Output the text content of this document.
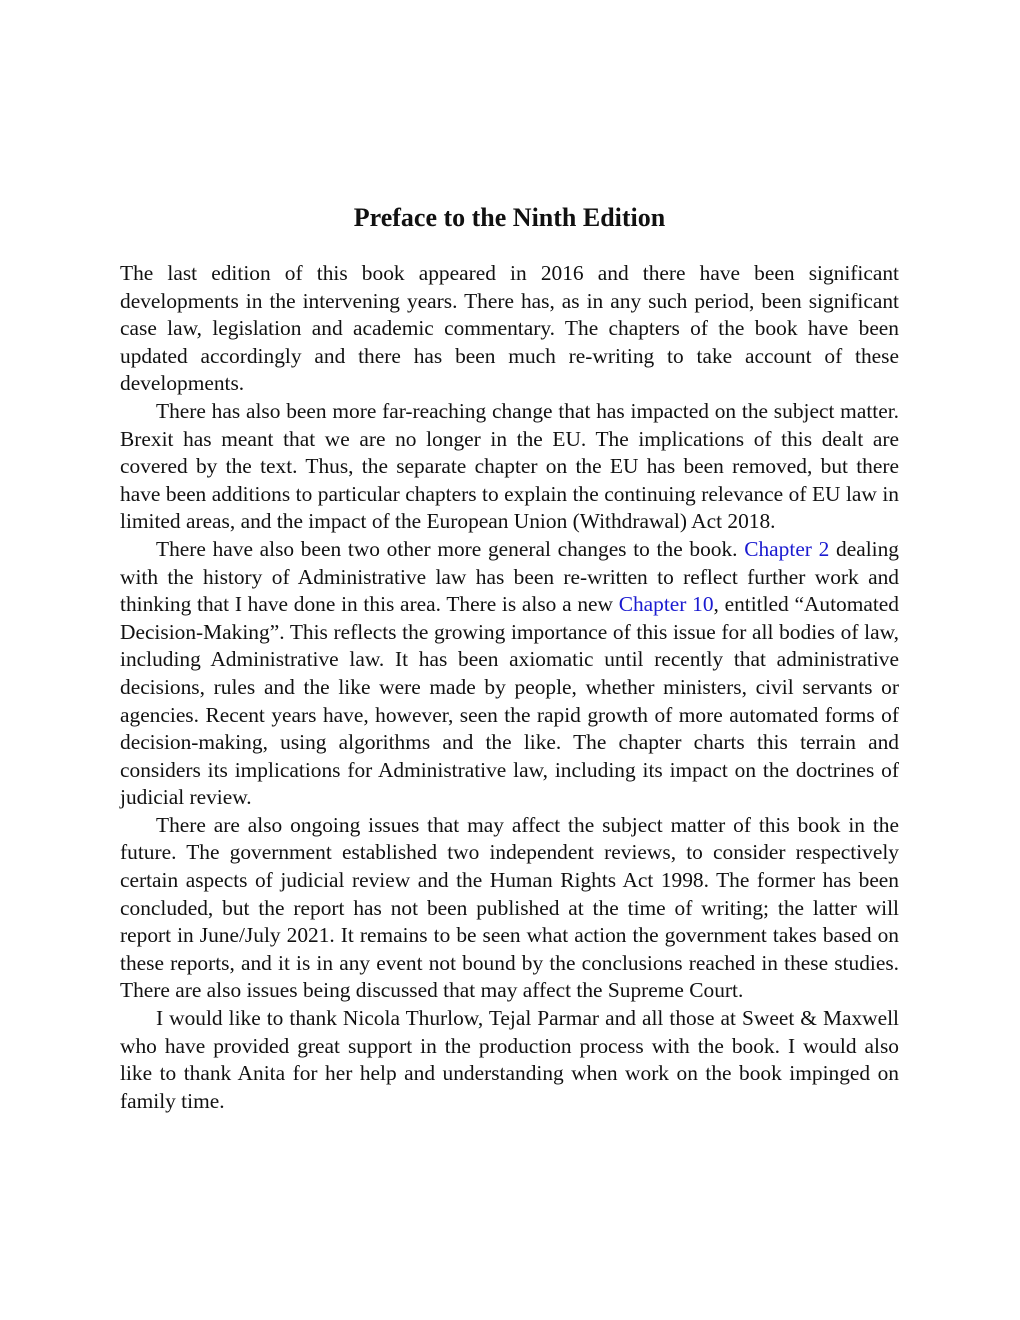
Preface to the Ninth Edition

The last edition of this book appeared in 2016 and there have been significant developments in the intervening years. There has, as in any such period, been significant case law, legislation and academic commentary. The chapters of the book have been updated accordingly and there has been much re-writing to take account of these developments.

There has also been more far-reaching change that has impacted on the subject matter. Brexit has meant that we are no longer in the EU. The implications of this dealt are covered by the text. Thus, the separate chapter on the EU has been removed, but there have been additions to particular chapters to explain the continuing relevance of EU law in limited areas, and the impact of the European Union (Withdrawal) Act 2018.

There have also been two other more general changes to the book. Chapter 2 dealing with the history of Administrative law has been re-written to reflect further work and thinking that I have done in this area. There is also a new Chapter 10, entitled “Automated Decision-Making”. This reflects the growing importance of this issue for all bodies of law, including Administrative law. It has been axiomatic until recently that administrative decisions, rules and the like were made by people, whether ministers, civil servants or agencies. Recent years have, however, seen the rapid growth of more automated forms of decision-making, using algorithms and the like. The chapter charts this terrain and considers its implications for Administrative law, including its impact on the doctrines of judicial review.

There are also ongoing issues that may affect the subject matter of this book in the future. The government established two independent reviews, to consider respectively certain aspects of judicial review and the Human Rights Act 1998. The former has been concluded, but the report has not been published at the time of writing; the latter will report in June/July 2021. It remains to be seen what action the government takes based on these reports, and it is in any event not bound by the conclusions reached in these studies. There are also issues being discussed that may affect the Supreme Court.

I would like to thank Nicola Thurlow, Tejal Parmar and all those at Sweet & Maxwell who have provided great support in the production process with the book. I would also like to thank Anita for her help and understanding when work on the book impinged on family time.
